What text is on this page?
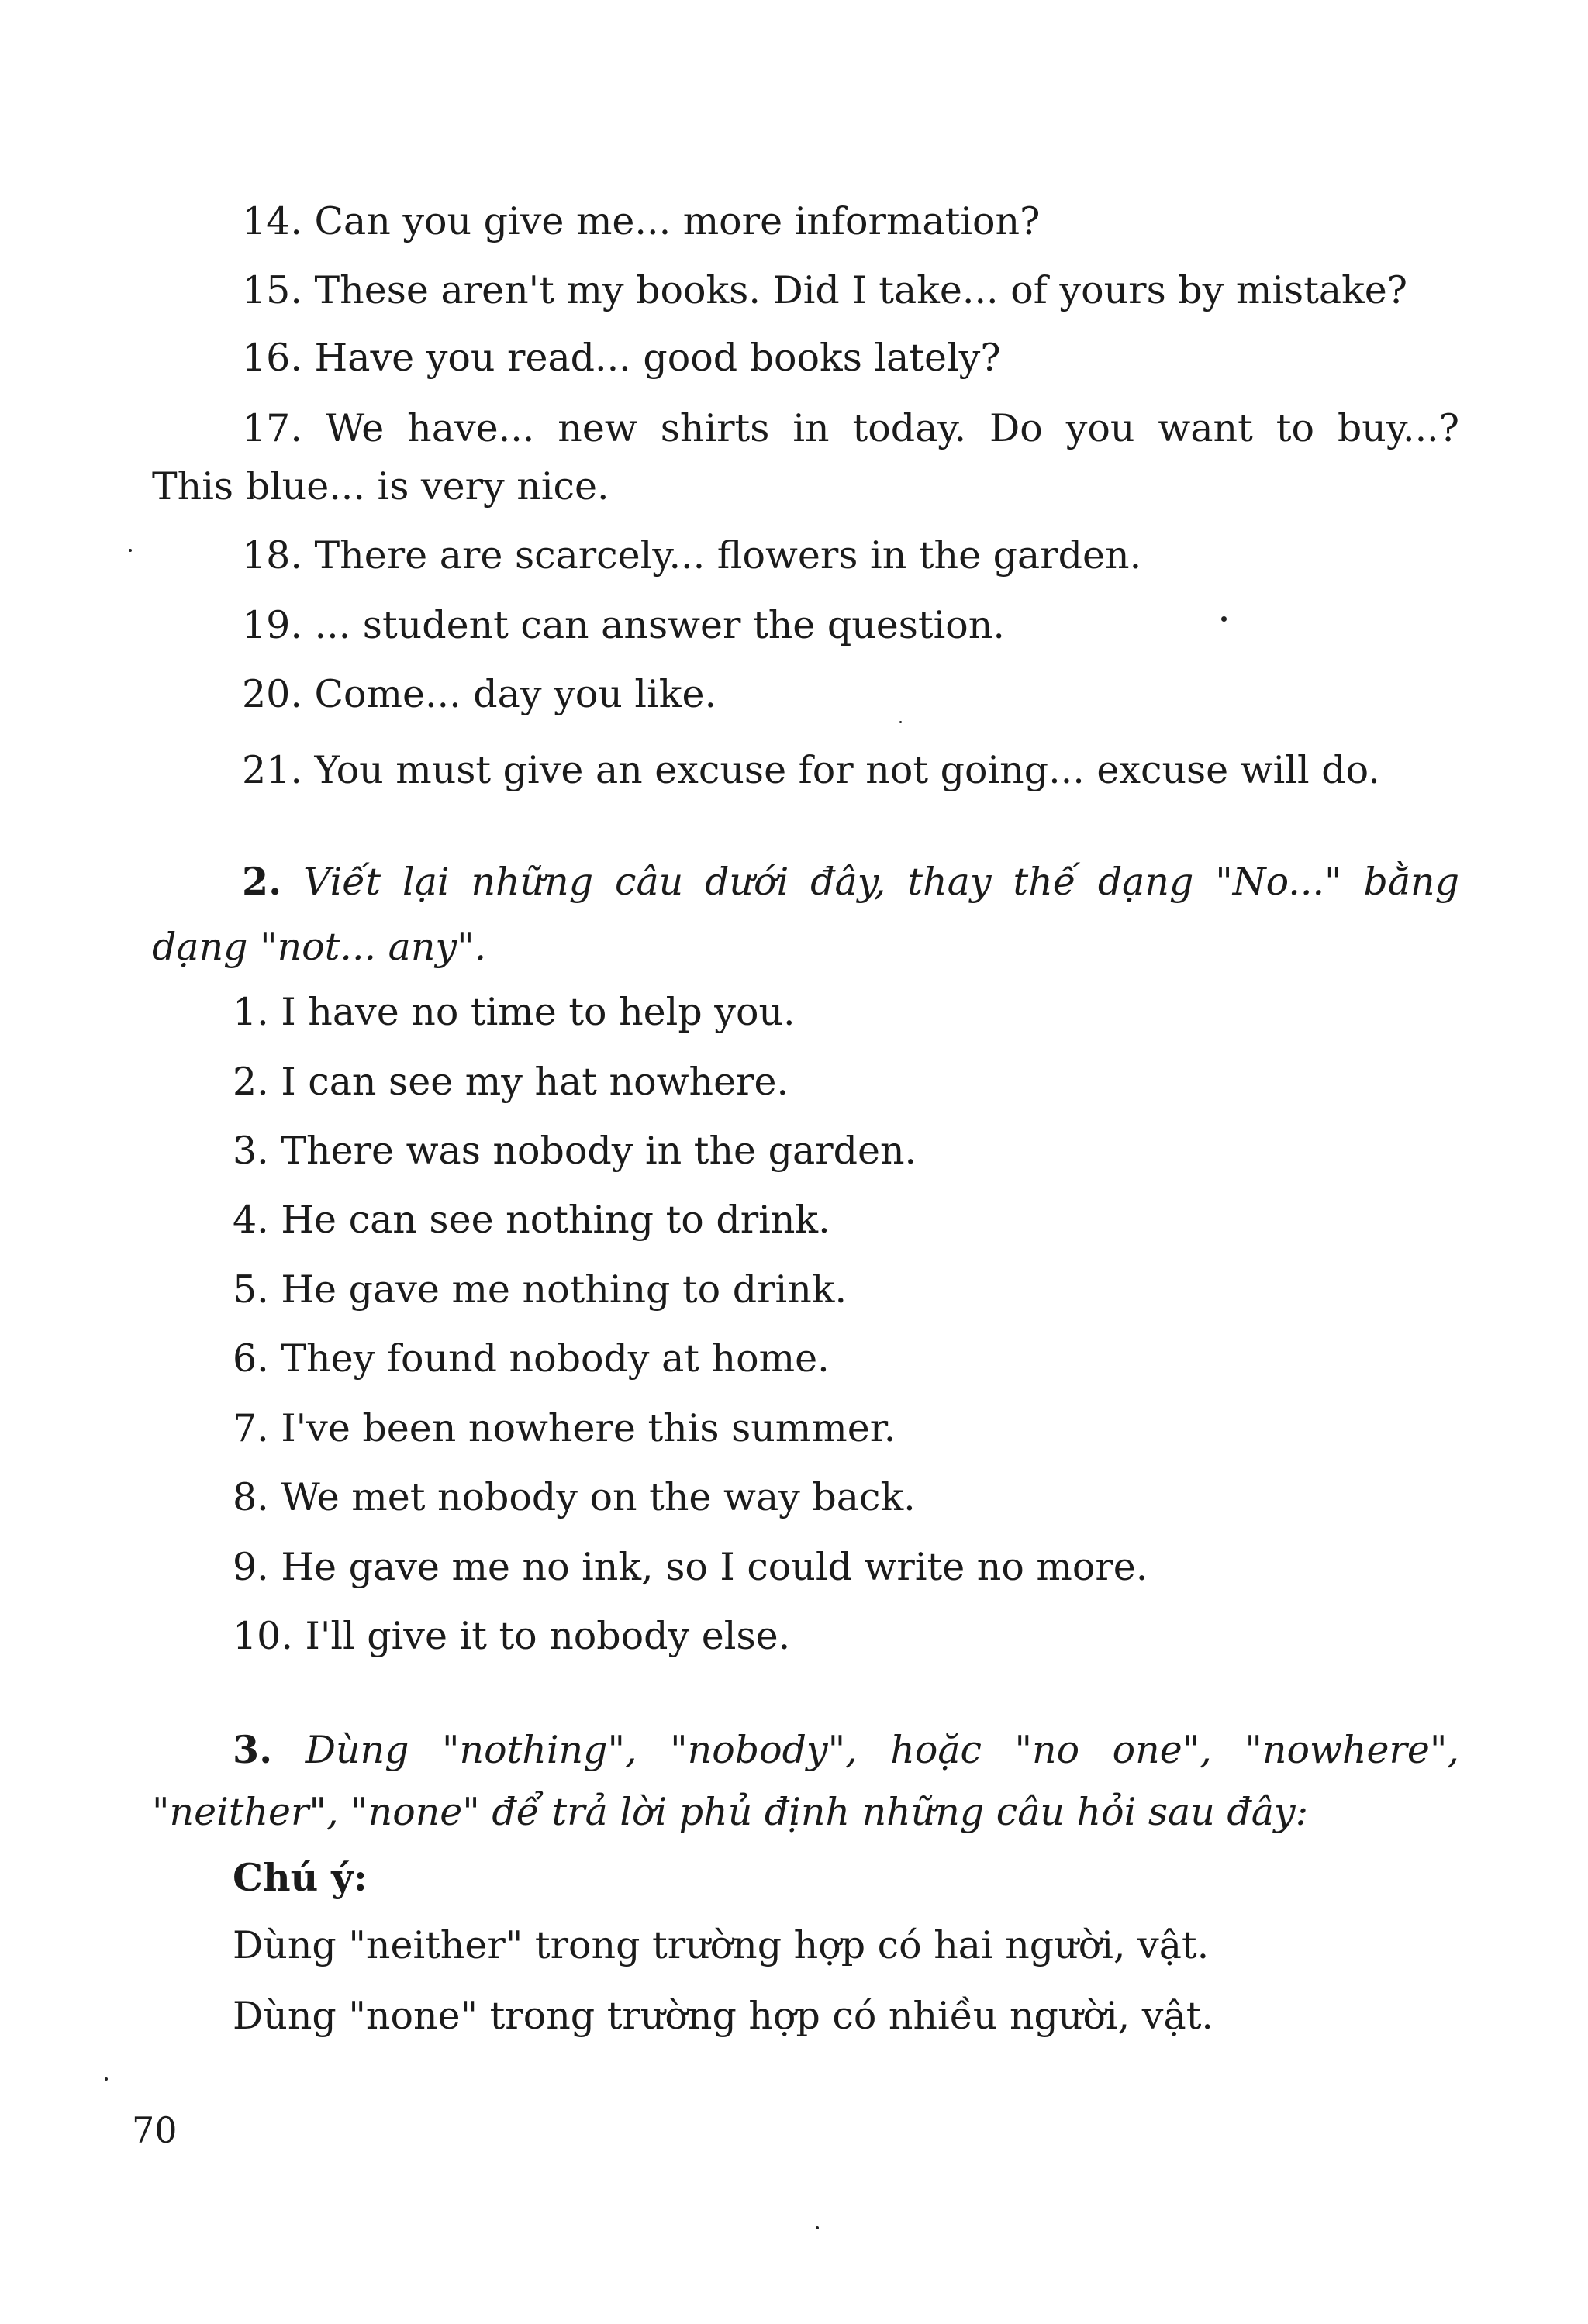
14. Can you give me... more information?
15. These aren't my books. Did I take... of yours by mistake?
16. Have you read... good books lately?
17. We have... new shirts in today. Do you want to buy...?
This blue... is very nice.
18. There are scarcely... flowers in the garden.
19. ... student can answer the question.
20. Come... day you like.
21. You must give an excuse for not going... excuse will do.
2. Viết lại những câu dưới đây, thay thế dạng "No..." bằng
dạng "not... any".
1. I have no time to help you.
2. I can see my hat nowhere.
3. There was nobody in the garden.
4. He can see nothing to drink.
5. He gave me nothing to drink.
6. They found nobody at home.
7. I've been nowhere this summer.
8. We met nobody on the way back.
9. He gave me no ink, so I could write no more.
10. I'll give it to nobody else.
3. Dùng "nothing", "nobody", hoặc "no one", "nowhere",
"neither", "none" để trả lời phủ định những câu hỏi sau đây:
Chú ý:
Dùng "neither" trong trường hợp có hai người, vật.
Dùng "none" trong trường hợp có nhiều người, vật.
70
